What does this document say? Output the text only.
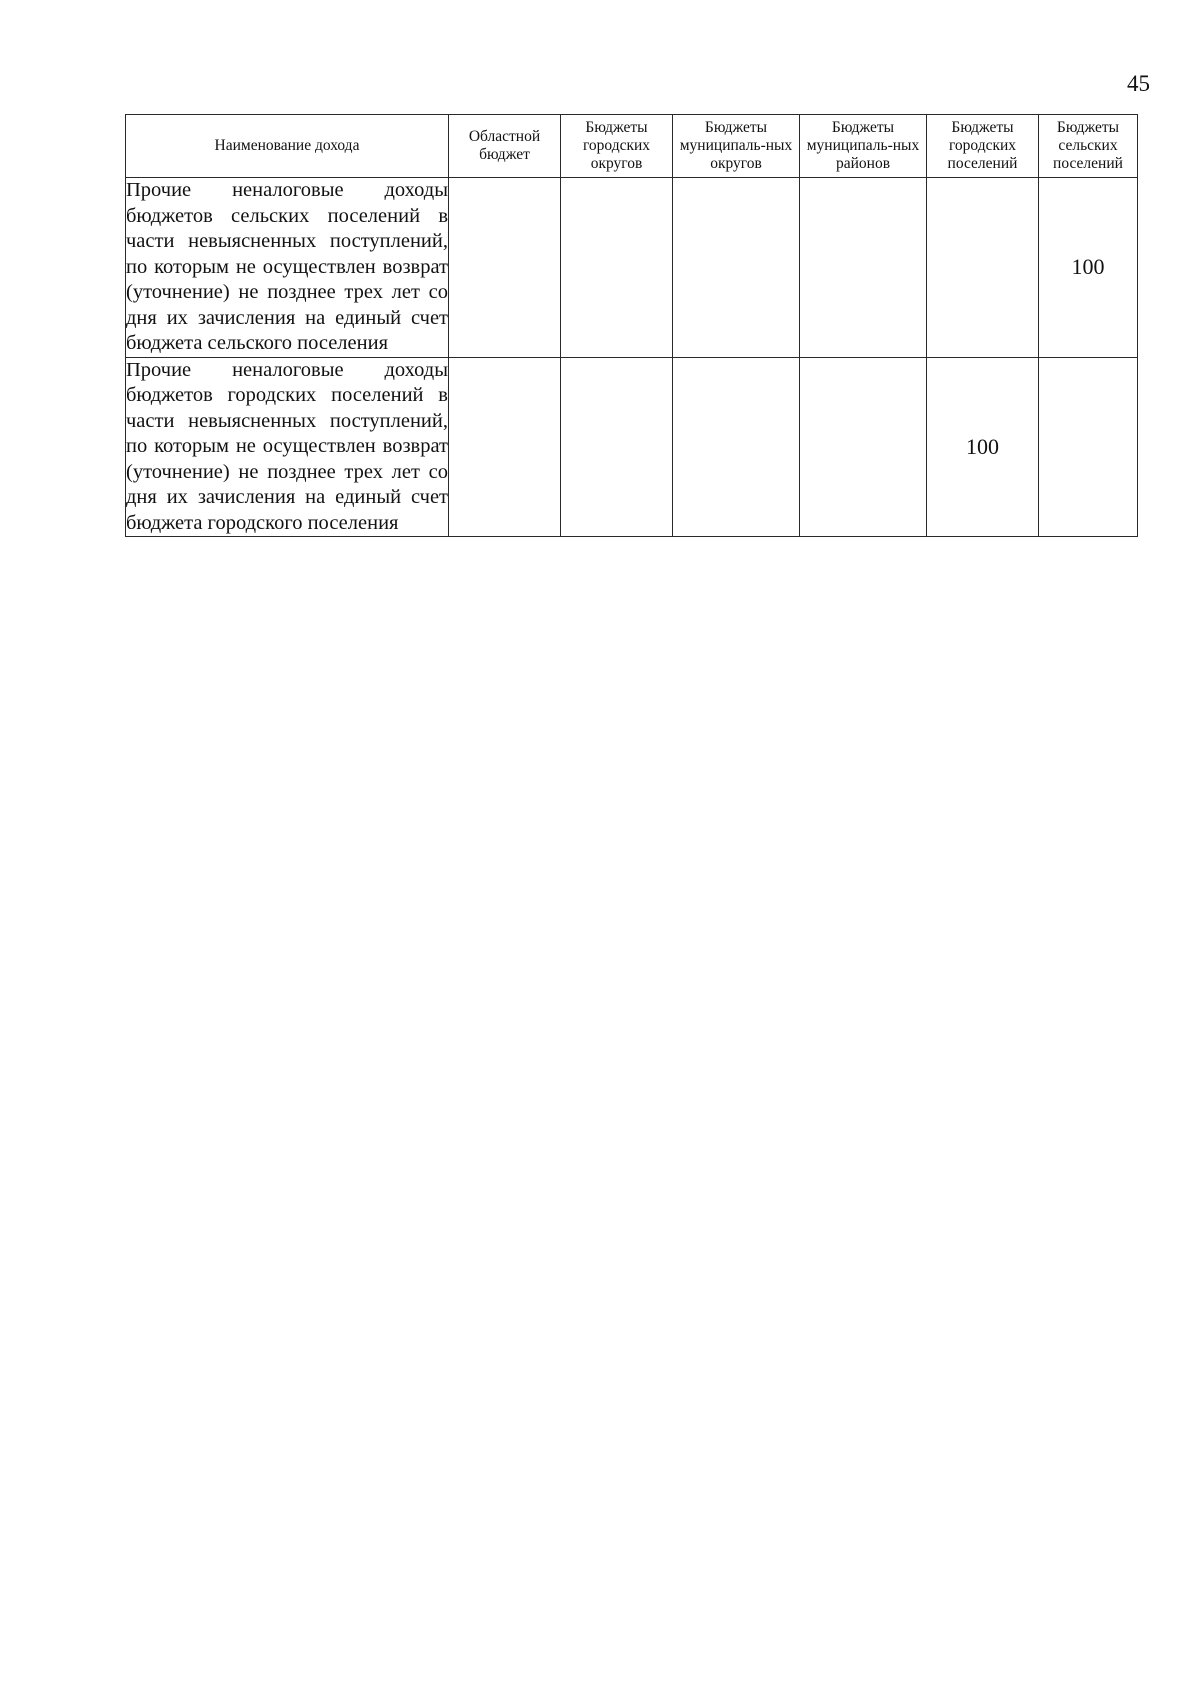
45
Наименование дохода	Областной бюджет	Бюджеты городских округов	Бюджеты муниципаль-ных округов	Бюджеты муниципаль-ных районов	Бюджеты городских поселений	Бюджеты сельских поселений
Прочие неналоговые доходы бюджетов сельских поселений в части невыясненных поступлений, по которым не осуществлен возврат (уточнение) не позднее трех лет со дня их зачисления на единый счет бюджета сельского поселения						100
Прочие неналоговые доходы бюджетов городских поселений в части невыясненных поступлений, по которым не осуществлен возврат (уточнение) не позднее трех лет со дня их зачисления на единый счет бюджета городского поселения					100	
